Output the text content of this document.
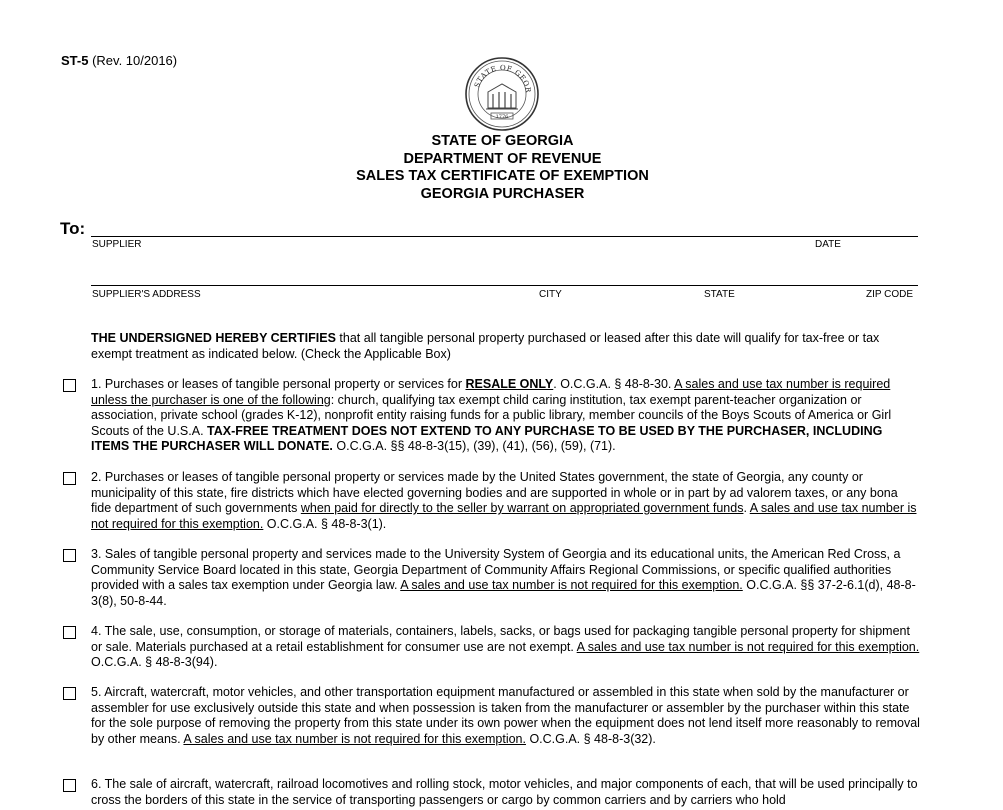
ST-5 (Rev. 10/2016)
STATE OF GEOR
1776
STATE OF GEORGIA
DEPARTMENT OF REVENUE
SALES TAX CERTIFICATE OF EXEMPTION
GEORGIA PURCHASER
To:
SUPPLIER	DATE
SUPPLIER'S ADDRESS	CITY	STATE	ZIP CODE
THE UNDERSIGNED HEREBY CERTIFIES that all tangible personal property purchased or leased after this date will qualify for tax-free or tax exempt treatment as indicated below. (Check the Applicable Box)
1. Purchases or leases of tangible personal property or services for RESALE ONLY. O.C.G.A. § 48-8-30. A sales and use tax number is required unless the purchaser is one of the following: church, qualifying tax exempt child caring institution, tax exempt parent-teacher organization or association, private school (grades K-12), nonprofit entity raising funds for a public library, member councils of the Boys Scouts of America or Girl Scouts of the U.S.A. TAX-FREE TREATMENT DOES NOT EXTEND TO ANY PURCHASE TO BE USED BY THE PURCHASER, INCLUDING ITEMS THE PURCHASER WILL DONATE. O.C.G.A. §§ 48-8-3(15), (39), (41), (56), (59), (71).
2. Purchases or leases of tangible personal property or services made by the United States government, the state of Georgia, any county or municipality of this state, fire districts which have elected governing bodies and are supported in whole or in part by ad valorem taxes, or any bona fide department of such governments when paid for directly to the seller by warrant on appropriated government funds. A sales and use tax number is not required for this exemption. O.C.G.A. § 48-8-3(1).
3. Sales of tangible personal property and services made to the University System of Georgia and its educational units, the American Red Cross, a Community Service Board located in this state, Georgia Department of Community Affairs Regional Commissions, or specific qualified authorities provided with a sales tax exemption under Georgia law. A sales and use tax number is not required for this exemption. O.C.G.A. §§ 37-2-6.1(d), 48-8-3(8), 50-8-44.
4. The sale, use, consumption, or storage of materials, containers, labels, sacks, or bags used for packaging tangible personal property for shipment or sale. Materials purchased at a retail establishment for consumer use are not exempt. A sales and use tax number is not required for this exemption. O.C.G.A. § 48-8-3(94).
5. Aircraft, watercraft, motor vehicles, and other transportation equipment manufactured or assembled in this state when sold by the manufacturer or assembler for use exclusively outside this state and when possession is taken from the manufacturer or assembler by the purchaser within this state for the sole purpose of removing the property from this state under its own power when the equipment does not lend itself more reasonably to removal by other means. A sales and use tax number is not required for this exemption. O.C.G.A. § 48-8-3(32).
6. The sale of aircraft, watercraft, railroad locomotives and rolling stock, motor vehicles, and major components of each, that will be used principally to cross the borders of this state in the service of transporting passengers or cargo by common carriers and by carriers who hold
